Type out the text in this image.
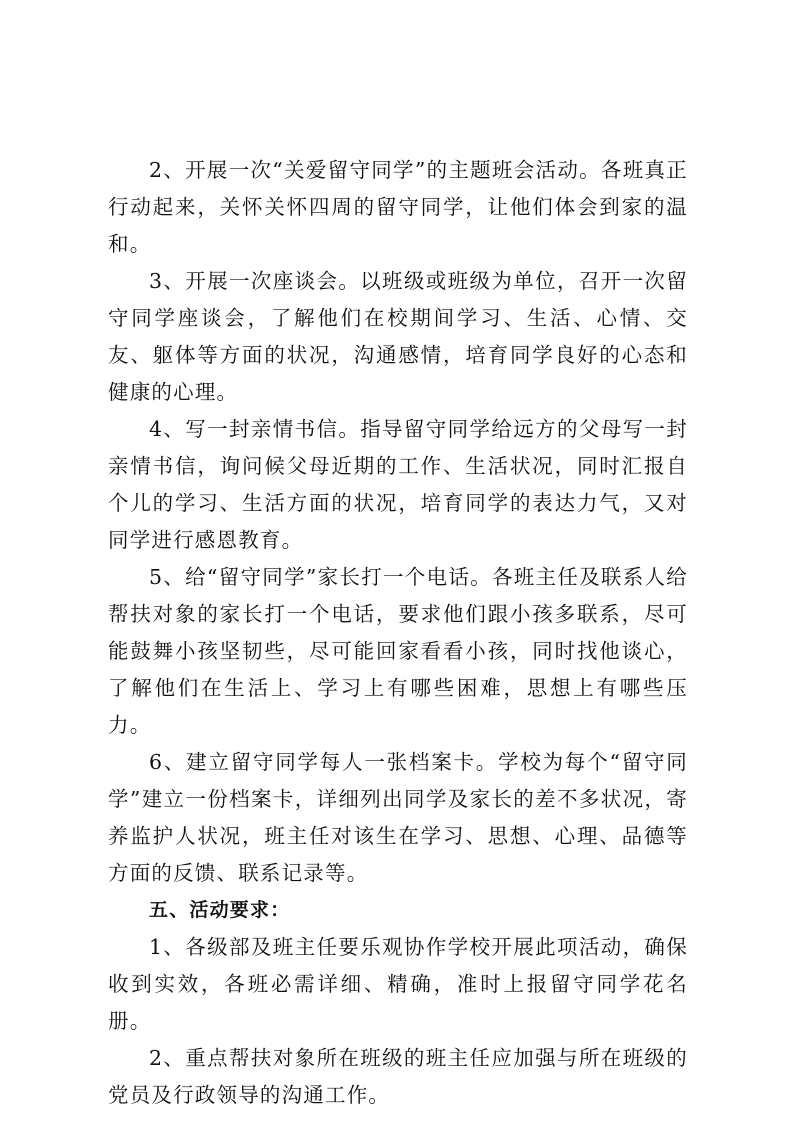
2、开展一次“关爱留守同学”的主题班会活动。各班真正行动起来，关怀关怀四周的留守同学，让他们体会到家的温和。

3、开展一次座谈会。以班级或班级为单位，召开一次留守同学座谈会，了解他们在校期间学习、生活、心情、交友、躯体等方面的状况，沟通感情，培育同学良好的心态和健康的心理。

4、写一封亲情书信。指导留守同学给远方的父母写一封亲情书信，询问候父母近期的工作、生活状况，同时汇报自个儿的学习、生活方面的状况，培育同学的表达力气，又对同学进行感恩教育。

5、给“留守同学”家长打一个电话。各班主任及联系人给帮扶对象的家长打一个电话，要求他们跟小孩多联系，尽可能鼓舞小孩坚韧些，尽可能回家看看小孩，同时找他谈心，了解他们在生活上、学习上有哪些困难，思想上有哪些压力。

6、建立留守同学每人一张档案卡。学校为每个“留守同学”建立一份档案卡，详细列出同学及家长的差不多状况，寄养监护人状况，班主任对该生在学习、思想、心理、品德等方面的反馈、联系记录等。

五、活动要求：

1、各级部及班主任要乐观协作学校开展此项活动，确保收到实效，各班必需详细、精确，准时上报留守同学花名册。

2、重点帮扶对象所在班级的班主任应加强与所在班级的党员及行政领导的沟通工作。
